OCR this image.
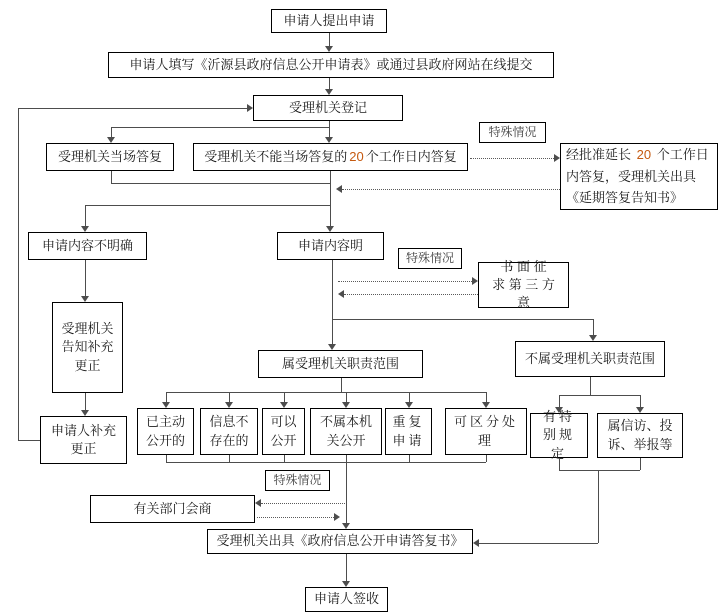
申请人提出申请
申请人填写《沂源县政府信息公开申请表》或通过县政府网站在线提交
受理机关登记
受理机关当场答复	受理机关不能当场答复的 20 个工作日内答复
特殊情况
经批准延长 20 个工作日内答复，受理机关出具《延期答复告知书》
申请内容不明确	申请内容明
特殊情况
书 面 征
求 第 三 方 意
受理机关告知补充更正
申请人补充更正
属受理机关职责范围	不属受理机关职责范围
已主动公开的
信息不存在的
可以公开
不属本机关公开
重复申请
可区分处理
有特别规定
属信访、投诉、举报等
特殊情况
有关部门会商
受理机关出具《政府信息公开申请答复书》
申请人签收
